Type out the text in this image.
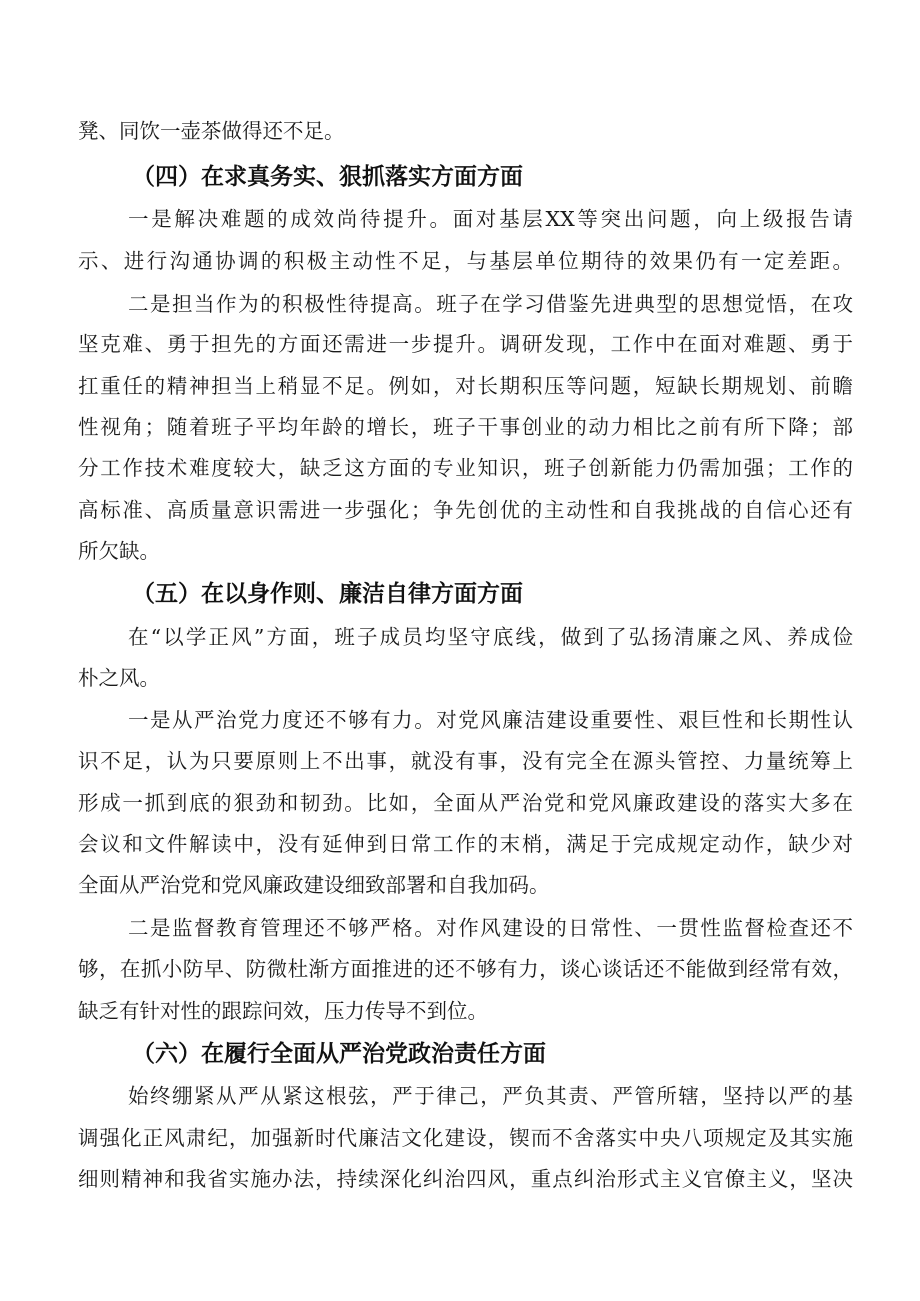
凳、同饮一壶茶做得还不足。
（四）在求真务实、狠抓落实方面方面
一是解决难题的成效尚待提升。面对基层XX等突出问题，向上级报告请
示、进行沟通协调的积极主动性不足，与基层单位期待的效果仍有一定差距。
二是担当作为的积极性待提高。班子在学习借鉴先进典型的思想觉悟，在攻
坚克难、勇于担先的方面还需进一步提升。调研发现，工作中在面对难题、勇于
扛重任的精神担当上稍显不足。例如，对长期积压等问题，短缺长期规划、前瞻
性视角；随着班子平均年龄的增长，班子干事创业的动力相比之前有所下降；部
分工作技术难度较大，缺乏这方面的专业知识，班子创新能力仍需加强；工作的
高标准、高质量意识需进一步强化；争先创优的主动性和自我挑战的自信心还有
所欠缺。
（五）在以身作则、廉洁自律方面方面
在“以学正风”方面，班子成员均坚守底线，做到了弘扬清廉之风、养成俭
朴之风。
一是从严治党力度还不够有力。对党风廉洁建设重要性、艰巨性和长期性认
识不足，认为只要原则上不出事，就没有事，没有完全在源头管控、力量统筹上
形成一抓到底的狠劲和韧劲。比如，全面从严治党和党风廉政建设的落实大多在
会议和文件解读中，没有延伸到日常工作的末梢，满足于完成规定动作，缺少对
全面从严治党和党风廉政建设细致部署和自我加码。
二是监督教育管理还不够严格。对作风建设的日常性、一贯性监督检查还不
够，在抓小防早、防微杜渐方面推进的还不够有力，谈心谈话还不能做到经常有效，
缺乏有针对性的跟踪问效，压力传导不到位。
（六）在履行全面从严治党政治责任方面
始终绷紧从严从紧这根弦，严于律己，严负其责、严管所辖，坚持以严的基
调强化正风肃纪，加强新时代廉洁文化建设，锲而不舍落实中央八项规定及其实施
细则精神和我省实施办法，持续深化纠治四风，重点纠治形式主义官僚主义，坚决
